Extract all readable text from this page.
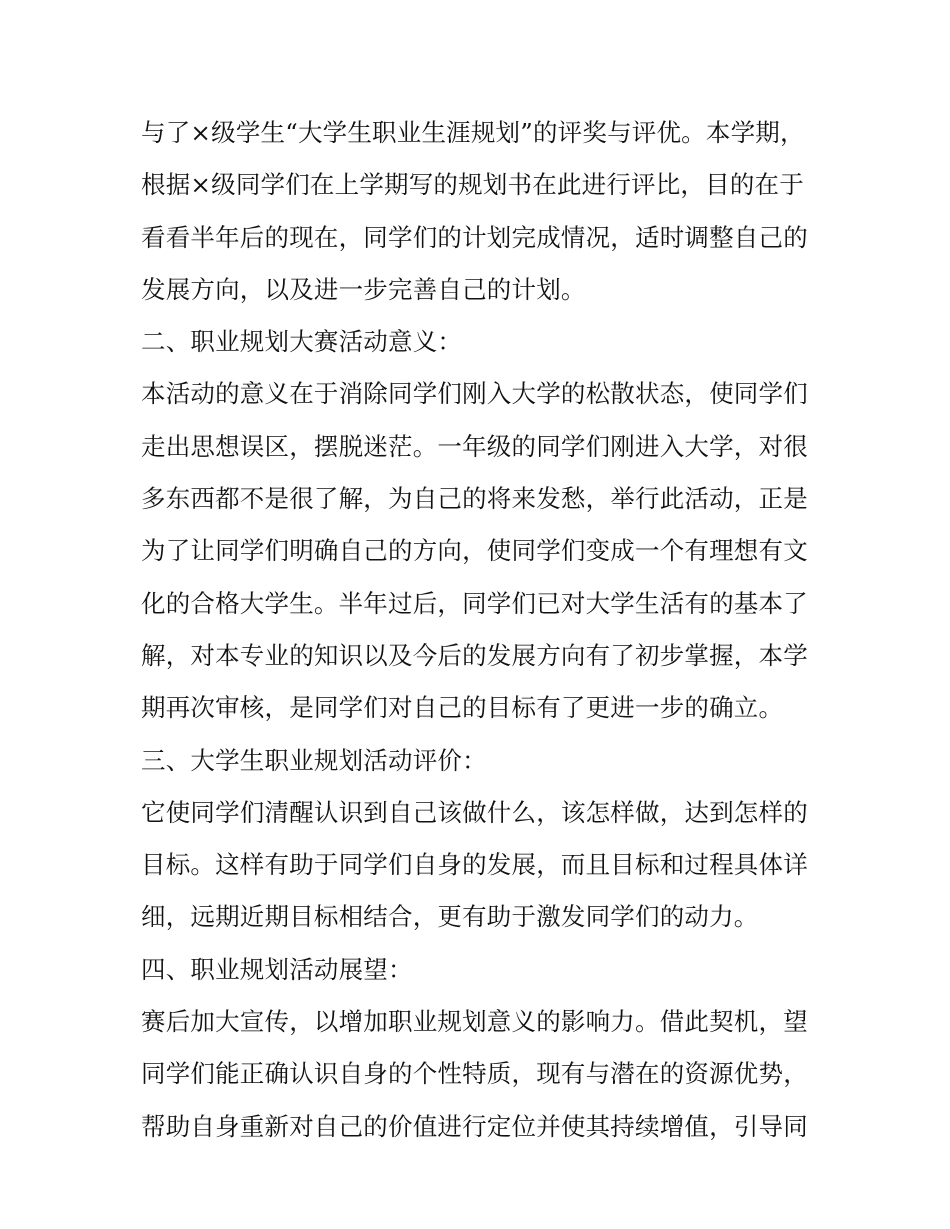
与了×级学生“大学生职业生涯规划”的评奖与评优。本学期，
根据×级同学们在上学期写的规划书在此进行评比，目的在于
看看半年后的现在，同学们的计划完成情况，适时调整自己的
发展方向，以及进一步完善自己的计划。
二、职业规划大赛活动意义：
本活动的意义在于消除同学们刚入大学的松散状态，使同学们
走出思想误区，摆脱迷茫。一年级的同学们刚进入大学，对很
多东西都不是很了解，为自己的将来发愁，举行此活动，正是
为了让同学们明确自己的方向，使同学们变成一个有理想有文
化的合格大学生。半年过后，同学们已对大学生活有的基本了
解，对本专业的知识以及今后的发展方向有了初步掌握，本学
期再次审核，是同学们对自己的目标有了更进一步的确立。
三、大学生职业规划活动评价：
它使同学们清醒认识到自己该做什么，该怎样做，达到怎样的
目标。这样有助于同学们自身的发展，而且目标和过程具体详
细，远期近期目标相结合，更有助于激发同学们的动力。
四、职业规划活动展望：
赛后加大宣传，以增加职业规划意义的影响力。借此契机，望
同学们能正确认识自身的个性特质，现有与潜在的资源优势，
帮助自身重新对自己的价值进行定位并使其持续增值，引导同
